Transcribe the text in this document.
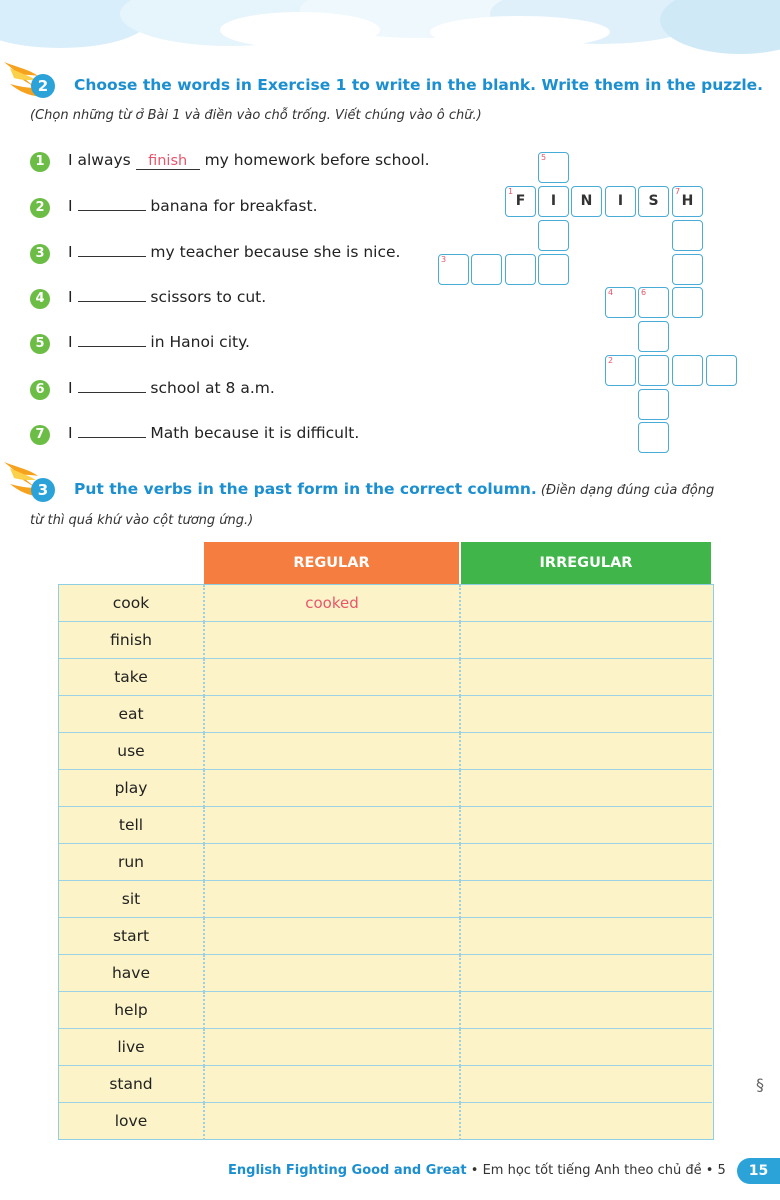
2	Choose the words in Exercise 1 to write in the blank. Write them in the puzzle.
(Chọn những từ ở Bài 1 và điền vào chỗ trống. Viết chúng vào ô chữ.)
1	I always finish my homework before school.
2	I	banana for breakfast.
3	I	my teacher because she is nice.
4	I	scissors to cut.
5	I	in Hanoi city.
6	I	school at 8 a.m.
7	I	Math because it is difficult.
5
1
F	I	N	I	S
7
H
3
4	6
2
3	Put the verbs in the past form in the correct column. (Điền dạng đúng của động
từ thì quá khứ vào cột tương ứng.)
REGULAR	IRREGULAR
cook	cooked
finish
take
eat
use
play
tell
run
sit
start
have
help
live
stand
love
§
English Fighting Good and Great • Em học tốt tiếng Anh theo chủ đề • 5	15
